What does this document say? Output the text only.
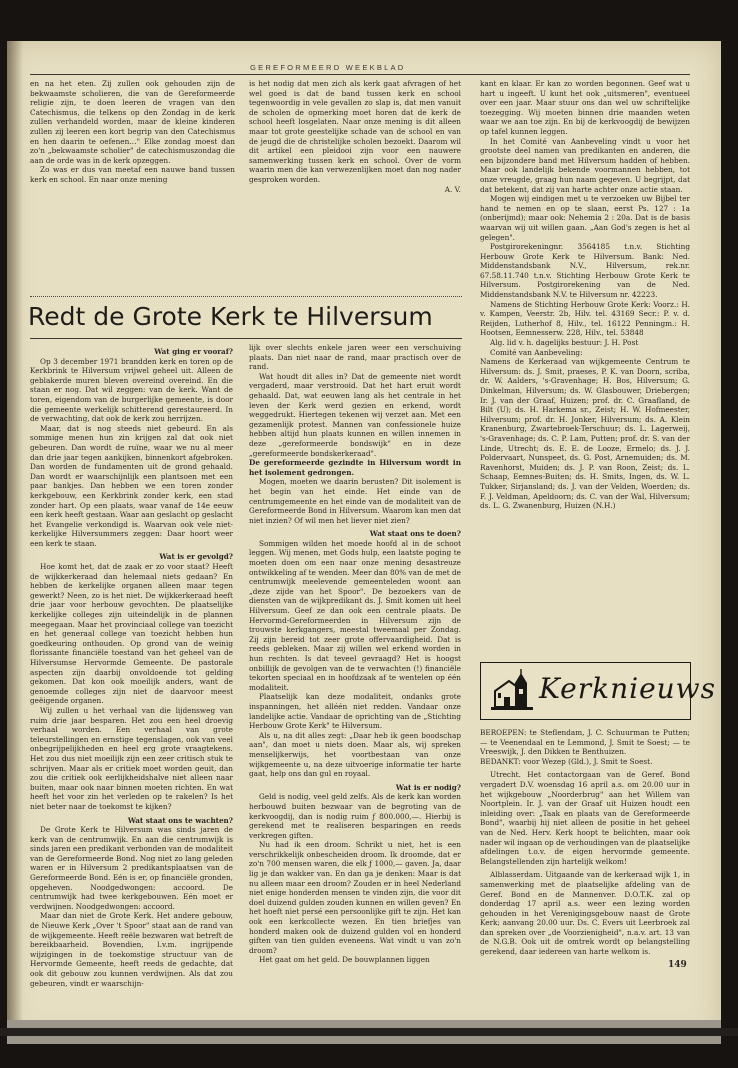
GEREFORMEERD WEEKBLAD

en na het eten. Zij zullen ook gehouden zijn de bekwaamste scholieren, die van de Gereformeerde religie zijn, te doen leeren de vragen van den Catechismus, die telkens op den Zondag in de kerk zullen verhandeld worden, maar de kleine kinderen zullen zij leeren een kort begrip van den Catechismus en hen daarin te oefenen…" Elke zondag moest dan zo'n „bekwaamste scholier" de catechismuszondag die aan de orde was in de kerk opzeggen.

Zo was er dus van meetaf een nauwe band tussen kerk en school. En naar onze mening

is het nodig dat men zich als kerk gaat afvragen of het wel goed is dat de band tussen kerk en school tegenwoordig in vele gevallen zo slap is, dat men vanuit de scholen de opmerking moet horen dat de kerk de school heeft losgelaten. Naar onze mening is dit alleen maar tot grote geestelijke schade van de school en van de jeugd die de christelijke scholen bezoekt. Daarom wil dit artikel een pleidooi zijn voor een nauwere samenwerking tussen kerk en school. Over de vorm waarin men die kan verwezenlijken moet dan nog nader gesproken worden.

A. V.

Redt de Grote Kerk te Hilversum

Wat ging er vooraf?

Op 3 december 1971 brandden kerk en toren op de Kerkbrink te Hilversum vrijwel geheel uit. Alleen de geblakerde muren bleven overeind overeind. En die staan er nog. Dat wil zeggen: van de kerk. Want de toren, eigendom van de burgerlijke gemeente, is door die gemeente werkelijk schitterend gerestaureerd. In de verwachting, dat ook de kerk zou herrijzen.

Maar, dat is nog steeds niet gebeurd. En als sommige menen hun zin krijgen zal dat ook niet gebeuren. Dan wordt de ruïne, waar we nu al meer dan drie jaar tegen aankijken, binnenkort afgebroken. Dan worden de fundamenten uit de grond gehaald. Dan wordt er waarschijnlijk een plantsoen met een paar bankjes. Dan hebben we een toren zonder kerkgebouw, een Kerkbrink zonder kerk, een stad zonder hart. Op een plaats, waar vanaf de 14e eeuw een kerk heeft gestaan. Waar aan geslacht op geslacht het Evangelie verkondigd is. Waarvan ook vele niet-kerkelijke Hilversummers zeggen: Daar hoort weer een kerk te staan.

Wat is er gevolgd?

Hoe komt het, dat de zaak er zo voor staat? Heeft de wijkkerkeraad dan helemaal niets gedaan? En hebben de kerkelijke organen alleen maar tegen gewerkt? Neen, zo is het niet. De wijkkerkeraad heeft drie jaar voor herbouw gevochten. De plaatselijke kerkelijke colleges zijn uiteindelijk in de plannen meegegaan. Maar het provinciaal college van toezicht en het generaal college van toezicht hebben hun goedkeuring onthouden. Op grond van de weinig florissante financiële toestand van het geheel van de Hilversumse Hervormde Gemeente. De pastorale aspecten zijn daarbij onvoldoende tot gelding gekomen. Dat kon ook moeilijk anders, want de genoemde colleges zijn niet de daarvoor meest geëigende organen.

Wij zullen u het verhaal van die lijdensweg van ruim drie jaar besparen. Het zou een heel droevig verhaal worden. Een verhaal van grote teleurstellingen en ernstige tegenslagen, ook van veel onbegrijpelijkheden en heel erg grote vraagtekens. Het zou dus niet moeilijk zijn een zeer critisch stuk te schrijven. Maar als er critiek moet worden geuit, dan zou die critiek ook eerlijkheidshalve niet alleen naar buiten, maar ook naar binnen moeten richten. En wat heeft het voor zin het verleden op te rakelen? Is het niet beter naar de toekomst te kijken?

Wat staat ons te wachten?

De Grote Kerk te Hilversum was sinds jaren de kerk van de centrumwijk. En aan die centrumwijk is sinds jaren een predikant verbonden van de modaliteit van de Gereformeerde Bond. Nog niet zo lang geleden waren er in Hilversum 2 predikantsplaatsen van de Gereformeerde Bond. Eén is er, op financiële gronden, opgeheven. Noodgedwongen: accoord. De centrumwijk had twee kerkgebouwen. Eén moet er verdwijnen. Noodgedwongen: accoord.

Maar dan niet de Grote Kerk. Het andere gebouw, de Nieuwe Kerk „Over 't Spoor" staat aan de rand van de wijkgemeente. Heeft reële bezwaren wat betreft de bereikbaarheid. Bovendien, l.v.m. ingrijpende wijzigingen in de toekomstige structuur van de Hervormde Gemeente, heeft reeds de gedachte, dat ook dit gebouw zou kunnen verdwijnen. Als dat zou gebeuren, vindt er waarschijn-

lijk over slechts enkele jaren weer een verschuiving plaats. Dan niet naar de rand, maar practisch over de rand.

Wat houdt dit alles in? Dat de gemeente niet wordt vergaderd, maar verstrooid. Dat het hart eruit wordt gehaald. Dat, wat eeuwen lang als het centrale in het leven der Kerk werd gezien en erkend, wordt weggedrukt. Hiertegen tekenen wij verzet aan. Met een gezamenlijk protest. Mannen van confessionele huize hebben altijd hun plaats kunnen en willen innemen in deze „gereformeerde bondswijk" en in deze „gereformeerde bondskerkeraad".

De gereformeerde gezindte in Hilversum wordt in het isolement gedrongen.

Mogen, moeten we daarin berusten? Dit isolement is het begin van het einde. Het einde van de centrumgemeente en het einde van de modaliteit van de Gereformeerde Bond in Hilversum. Waarom kan men dat niet inzien? Of wil men het liever niet zien?

Wat staat ons te doen?

Sommigen wilden het moede hoofd al in de schoot leggen. Wij menen, met Gods hulp, een laatste poging te moeten doen om een naar onze mening desastreuze ontwikkeling af te wenden. Meer dan 80% van de met de centrumwijk meelevende gemeenteleden woont aan „deze zijde van het Spoor". De bezoekers van de diensten van de wijkpredikant ds. J. Smit komen uit heel Hilversum. Geef ze dan ook een centrale plaats. De Hervormd-Gereformeerden in Hilversum zijn de trouwste kerkgangers, meestal tweemaal per Zondag. Zij zijn bereid tot zeer grote offervaardigheid. Dat is reeds gebleken. Maar zij willen wel erkend worden in hun rechten. Is dat teveel gevraagd? Het is hoogst onbillijk de gevolgen van de te verwachten (!) financiële tekorten speciaal en in hoofdzaak af te wentelen op één modaliteit.

Plaatselijk kan deze modaliteit, ondanks grote inspanningen, het alléén niet redden. Vandaar onze landelijke actie. Vandaar de oprichting van de „Stichting Herbouw Grote Kerk" te Hilversum.

Als u, na dit alles zegt: „Daar heb ik geen boodschap aan", dan moet u niets doen. Maar als, wij spreken menselijkerwijs, het voortbestaan van onze wijkgemeente u, na deze uitvoerige informatie ter harte gaat, help ons dan gul en royaal.

Wat is er nodig?

Geld is nodig, veel geld zelfs. Als de kerk kan worden herbouwd buiten bezwaar van de begroting van de kerkvoogdij, dan is nodig ruim ƒ 800.000,—. Hierbij is gerekend met te realiseren besparingen en reeds verkregen giften.

Nu had ik een droom. Schrikt u niet, het is een verschrikkelijk onbescheiden droom. Ik droomde, dat er zo'n 700 mensen waren, die elk ƒ 1000,— gaven. Ja, daar lig je dan wakker van. En dan ga je denken: Maar is dat nu alleen maar een droom? Zouden er in heel Nederland niet enige honderden mensen te vinden zijn, die voor dit doel duizend gulden zouden kunnen en willen geven? En het hoeft niet persé een persoonlijke gift te zijn. Het kan ook een kerkcollecte wezen. En tien briefjes van honderd maken ook de duizend gulden vol en honderd giften van tien gulden eveneens. Wat vindt u van zo'n droom?

Het gaat om het geld. De bouwplannen liggen

kant en klaar. Er kan zo worden begonnen. Geef wat u hart u ingeeft. U kunt het ook „uitsmeren", eventueel over een jaar. Maar stuur ons dan wel uw schriftelijke toezegging. Wij moeten binnen drie maanden weten waar we aan toe zijn. En bij de kerkvoogdij de bewijzen op tafel kunnen leggen.

In het Comité van Aanbeveling vindt u voor het grootste deel namen van predikanten en anderen, die een bijzondere band met Hilversum hadden of hebben. Maar ook landelijk bekende voormannen hebben, tot onze vreugde, graag hun naam gegeven. U begrijpt, dat dat betekent, dat zij van harte achter onze actie staan.

Mogen wij eindigen met u te verzoeken uw Bijbel ter hand te nemen en op te slaan, eerst Ps. 127 : 1a (onberijmd); maar ook: Nehemia 2 : 20a. Dat is de basis waarvan wij uit willen gaan. „Aan God's zegen is het al gelegen".

Postgirorekeningnr. 3564185 t.n.v. Stichting Herbouw Grote Kerk te Hilversum. Bank: Ned. Middenstandsbank N.V., Hilversum, rek.nr. 67.58.11.740 t.n.v. Stichting Herbouw Grote Kerk te Hilversum. Postgirorekening van de Ned. Middenstandsbank N.V. te Hilversum nr. 42223.

Namens de Stichting Herbouw Grote Kerk: Voorz.: H. v. Kampen, Veerstr. 2b, Hilv. tel. 43169 Secr.: P. v. d. Reijden, Lutherhof 8, Hilv., tel. 16122 Penningm.: H. Hootsen, Eemnesserw. 228, Hilv., tel. 53848

Alg. lid v. h. dagelijks bestuur: J. H. Post

Comité van Aanbeveling:

Namens de Kerkeraad van wijkgemeente Centrum te Hilversum: ds. J. Smit, praeses, P. K. van Doorn, scriba, dr. W. Aalders, 's-Gravenhage; H. Bos, Hilversum; G. Dinkelman, Hilversum; ds. W. Glasbouwer, Driebergen; Ir. J. van der Graaf, Huizen; prof. dr. C. Graafland, de Bilt (U); ds. H. Harkema sr., Zeist; H. W. Hofmeester, Hilversum; prof. dr. H. Jonker, Hilversum; ds. A. Klein Kranenburg, Zwartebroek-Terschuur; ds. L. Lagerweij, 's-Gravenhage; ds. C. P. Lam, Putten; prof. dr. S. van der Linde, Utrecht; ds. E. E. de Looze, Ermelo; ds. J. J. Poldervaart, Nunspeet, ds. G. Post, Arnemuiden; ds. M. Ravenhorst, Muiden; ds. J. P. van Roon, Zeist; ds. L. Schaap, Eemnes-Buiten; ds. H. Smits, Ingen, ds. W. L. Tukker, Sirjansland; ds. J. van der Velden, Woerden; ds. F. J. Veldman, Apeldoorn; ds. C. van der Wal, Hilversum; ds. L. G. Zwanenburg, Huizen (N.H.)

Kerknieuws

BEROEPEN: te Steflendam, J. C. Schuurman te Putten; — te Veenendaal en te Lemmond, J. Smit te Soest; — te Vreeswijk, J. den Dikken te Benthuizen.

BEDANKT: voor Wezep (Gld.), J. Smit te Soest.

Utrecht. Het contactorgaan van de Geref. Bond vergadert D.V. woensdag 16 april a.s. om 20.00 uur in het wijkgebouw „Noorderbrug" aan het Willem van Noortplein. Ir. J. van der Graaf uit Huizen houdt een inleiding over: „Taak en plaats van de Gereformeerde Bond", waarbij hij niet alleen de positie in het geheel van de Ned. Herv. Kerk hoopt te belichten, maar ook nader wil ingaan op de verhoudingen van de plaatselijke afdelingen t.o.v. de eigen hervormde gemeente. Belangstellenden zijn hartelijk welkom!

Alblasserdam. Uitgaande van de kerkeraad wijk 1, in samenwerking met de plaatselijke afdeling van de Geref. Bond en de Mannenver. D.O.T.K. zal op donderdag 17 april a.s. weer een lezing worden gehouden in het Verenigingsgebouw naast de Grote Kerk; aanvang 20.00 uur. Ds. C. Evers uit Leerbroek zal dan spreken over „de Voorzienigheid", n.a.v. art. 13 van de N.G.B. Ook uit de omtrek wordt op belangstelling gerekend, daar iedereen van harte welkom is.

149
